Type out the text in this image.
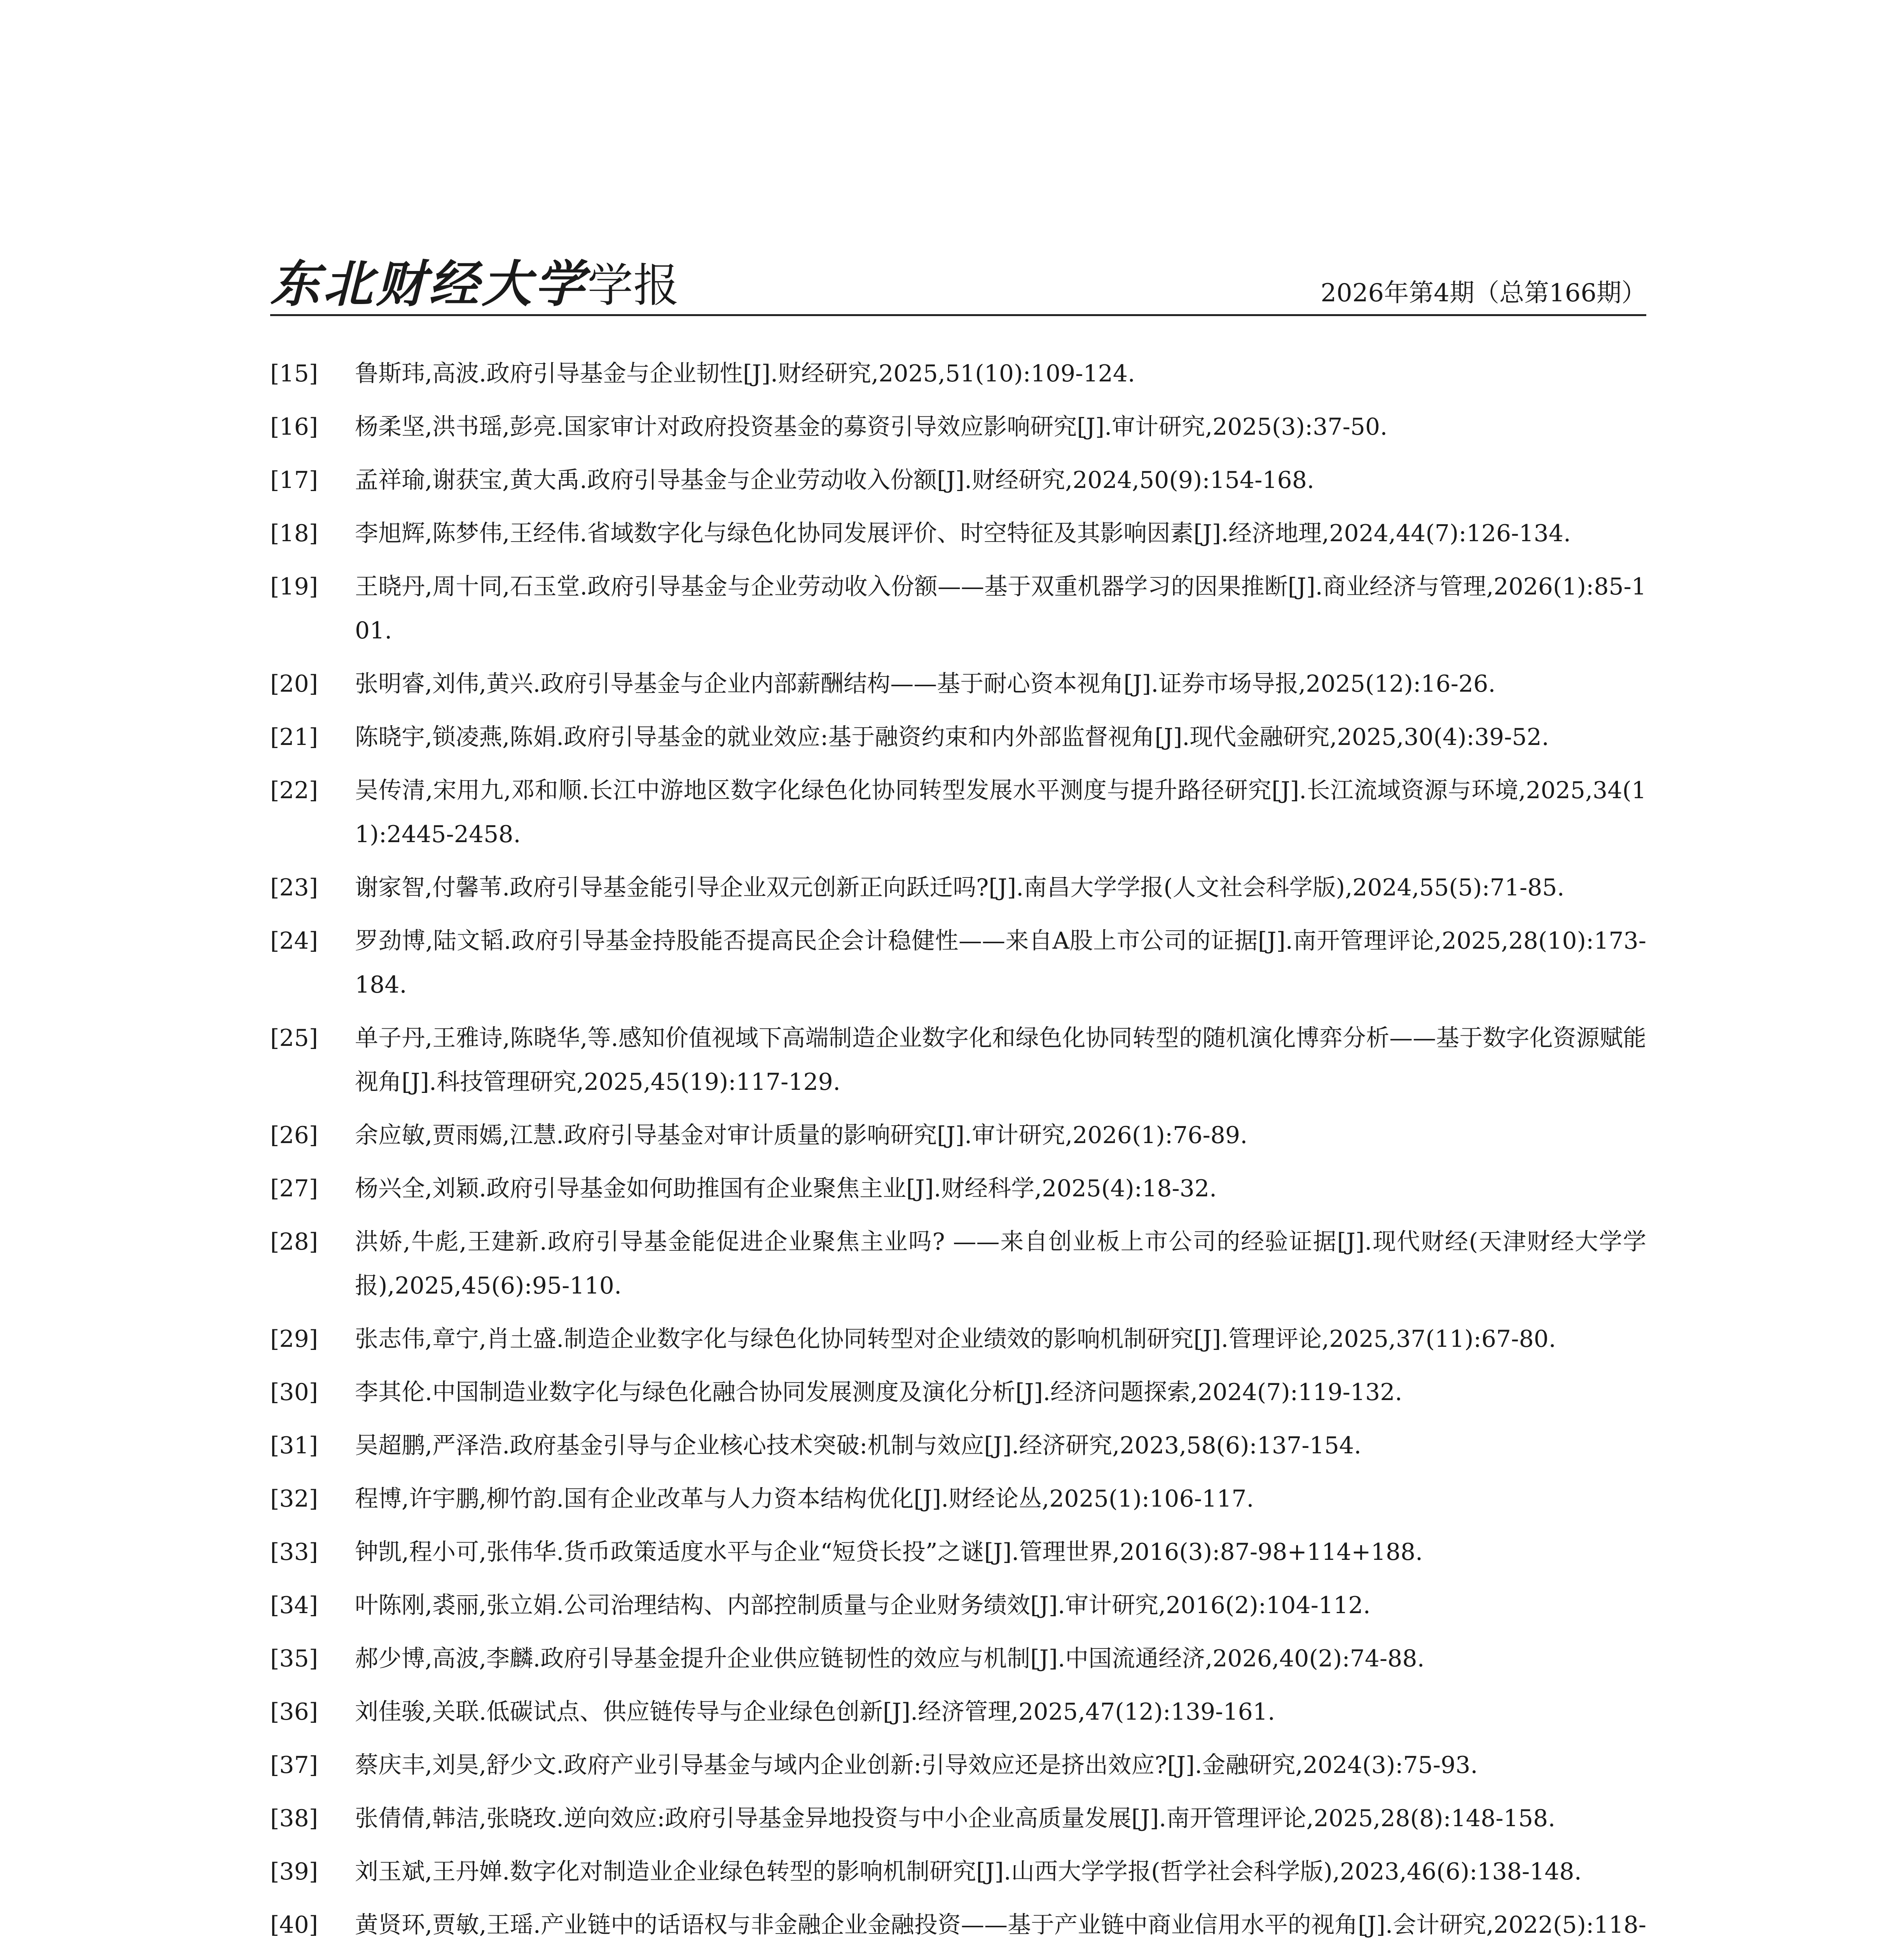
东北财经大学学报	2026年第4期（总第166期）
[15]	鲁斯玮,高波.政府引导基金与企业韧性[J].财经研究,2025,51(10):109-124.
[16]	杨柔坚,洪书瑶,彭亮.国家审计对政府投资基金的募资引导效应影响研究[J].审计研究,2025(3):37-50.
[17]	孟祥瑜,谢获宝,黄大禹.政府引导基金与企业劳动收入份额[J].财经研究,2024,50(9):154-168.
[18]	李旭辉,陈梦伟,王经伟.省域数字化与绿色化协同发展评价、时空特征及其影响因素[J].经济地理,2024,44(7):126-134.
[19]	王晓丹,周十同,石玉堂.政府引导基金与企业劳动收入份额——基于双重机器学习的因果推断[J].商业经济与管理,2026(1):85-101.
[20]	张明睿,刘伟,黄兴.政府引导基金与企业内部薪酬结构——基于耐心资本视角[J].证券市场导报,2025(12):16-26.
[21]	陈晓宇,锁凌燕,陈娟.政府引导基金的就业效应:基于融资约束和内外部监督视角[J].现代金融研究,2025,30(4):39-52.
[22]	吴传清,宋用九,邓和顺.长江中游地区数字化绿色化协同转型发展水平测度与提升路径研究[J].长江流域资源与环境,2025,34(11):2445-2458.
[23]	谢家智,付馨苇.政府引导基金能引导企业双元创新正向跃迁吗?[J].南昌大学学报(人文社会科学版),2024,55(5):71-85.
[24]	罗劲博,陆文韬.政府引导基金持股能否提高民企会计稳健性——来自A股上市公司的证据[J].南开管理评论,2025,28(10):173-184.
[25]	单子丹,王雅诗,陈晓华,等.感知价值视域下高端制造企业数字化和绿色化协同转型的随机演化博弈分析——基于数字化资源赋能视角[J].科技管理研究,2025,45(19):117-129.
[26]	余应敏,贾雨嫣,江慧.政府引导基金对审计质量的影响研究[J].审计研究,2026(1):76-89.
[27]	杨兴全,刘颖.政府引导基金如何助推国有企业聚焦主业[J].财经科学,2025(4):18-32.
[28]	洪娇,牛彪,王建新.政府引导基金能促进企业聚焦主业吗? ——来自创业板上市公司的经验证据[J].现代财经(天津财经大学学报),2025,45(6):95-110.
[29]	张志伟,章宁,肖土盛.制造企业数字化与绿色化协同转型对企业绩效的影响机制研究[J].管理评论,2025,37(11):67-80.
[30]	李其伦.中国制造业数字化与绿色化融合协同发展测度及演化分析[J].经济问题探索,2024(7):119-132.
[31]	吴超鹏,严泽浩.政府基金引导与企业核心技术突破:机制与效应[J].经济研究,2023,58(6):137-154.
[32]	程博,许宇鹏,柳竹韵.国有企业改革与人力资本结构优化[J].财经论丛,2025(1):106-117.
[33]	钟凯,程小可,张伟华.货币政策适度水平与企业“短贷长投”之谜[J].管理世界,2016(3):87-98+114+188.
[34]	叶陈刚,裘丽,张立娟.公司治理结构、内部控制质量与企业财务绩效[J].审计研究,2016(2):104-112.
[35]	郝少博,高波,李麟.政府引导基金提升企业供应链韧性的效应与机制[J].中国流通经济,2026,40(2):74-88.
[36]	刘佳骏,关联.低碳试点、供应链传导与企业绿色创新[J].经济管理,2025,47(12):139-161.
[37]	蔡庆丰,刘昊,舒少文.政府产业引导基金与域内企业创新:引导效应还是挤出效应?[J].金融研究,2024(3):75-93.
[38]	张倩倩,韩洁,张晓玫.逆向效应:政府引导基金异地投资与中小企业高质量发展[J].南开管理评论,2025,28(8):148-158.
[39]	刘玉斌,王丹婵.数字化对制造业企业绿色转型的影响机制研究[J].山西大学学报(哲学社会科学版),2023,46(6):138-148.
[40]	黄贤环,贾敏,王瑶.产业链中的话语权与非金融企业金融投资——基于产业链中商业信用水平的视角[J].会计研究,2022(5):118-
